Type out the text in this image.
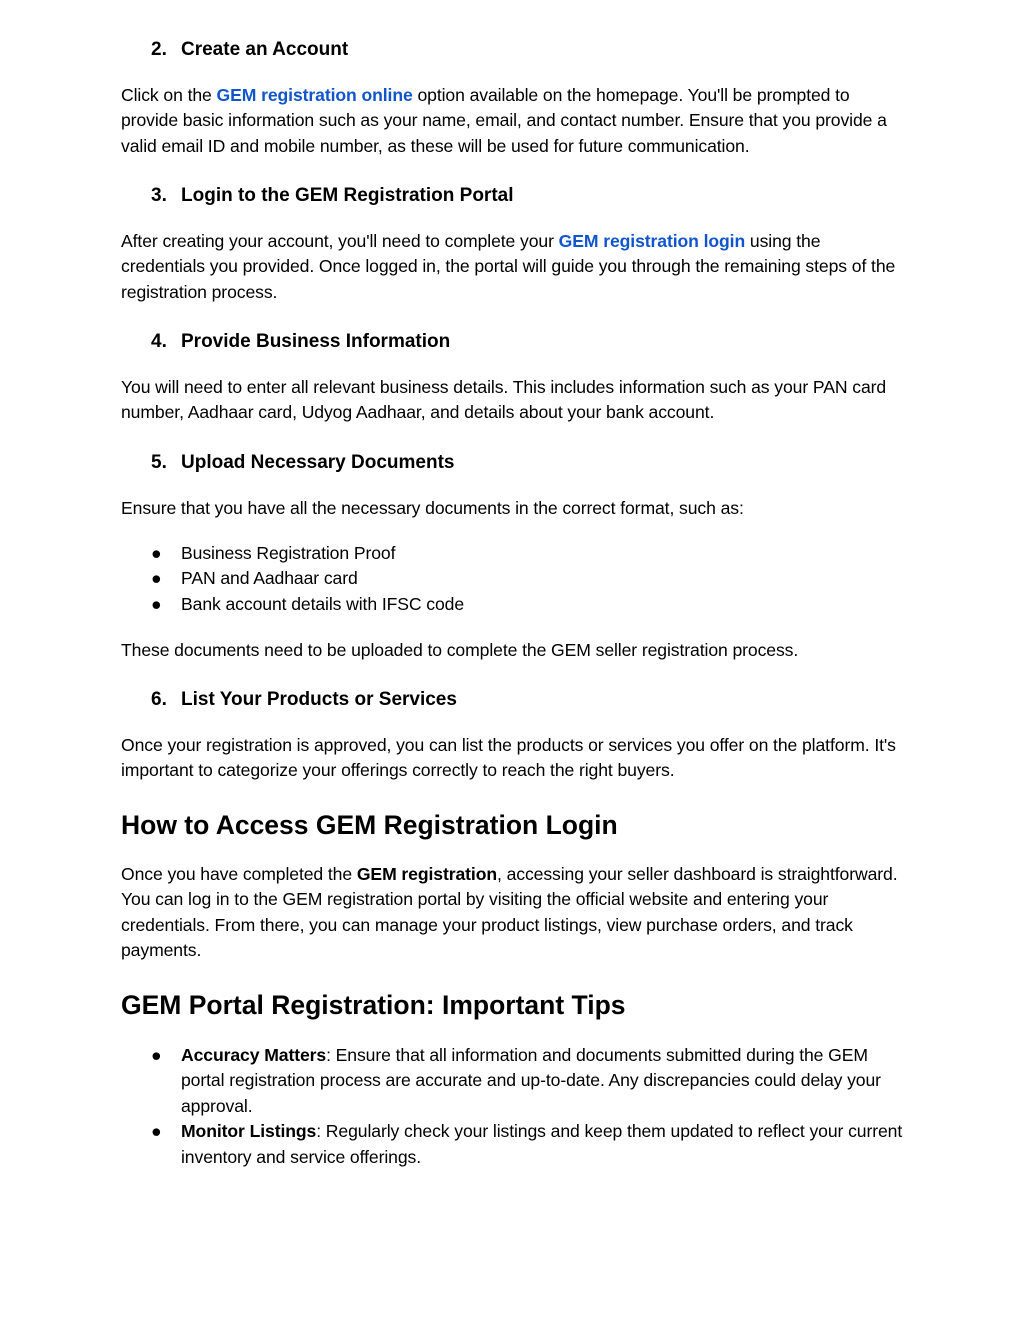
2. Create an Account

Click on the GEM registration online option available on the homepage. You'll be prompted to provide basic information such as your name, email, and contact number. Ensure that you provide a valid email ID and mobile number, as these will be used for future communication.

3. Login to the GEM Registration Portal

After creating your account, you'll need to complete your GEM registration login using the credentials you provided. Once logged in, the portal will guide you through the remaining steps of the registration process.

4. Provide Business Information

You will need to enter all relevant business details. This includes information such as your PAN card number, Aadhaar card, Udyog Aadhaar, and details about your bank account.

5. Upload Necessary Documents

Ensure that you have all the necessary documents in the correct format, such as:

● Business Registration Proof
● PAN and Aadhaar card
● Bank account details with IFSC code

These documents need to be uploaded to complete the GEM seller registration process.

6. List Your Products or Services

Once your registration is approved, you can list the products or services you offer on the platform. It's important to categorize your offerings correctly to reach the right buyers.

How to Access GEM Registration Login

Once you have completed the GEM registration, accessing your seller dashboard is straightforward. You can log in to the GEM registration portal by visiting the official website and entering your credentials. From there, you can manage your product listings, view purchase orders, and track payments.

GEM Portal Registration: Important Tips
● Accuracy Matters: Ensure that all information and documents submitted during the GEM portal registration process are accurate and up-to-date. Any discrepancies could delay your approval.
● Monitor Listings: Regularly check your listings and keep them updated to reflect your current inventory and service offerings.
